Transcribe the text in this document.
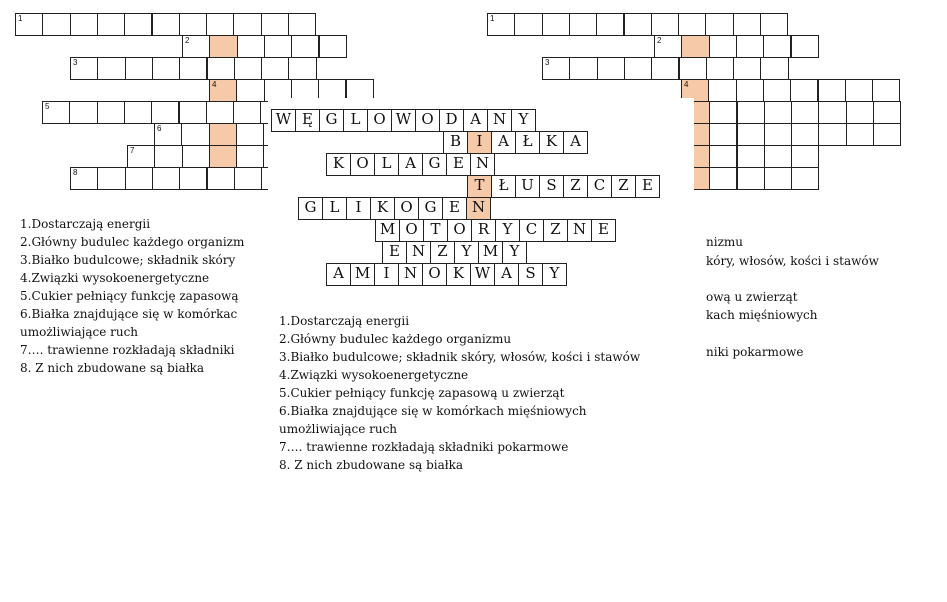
1
2
3
4
5
6
7
8
1
2
3
4
1.Dostarczają energii
2.Główny budulec każdego organizm
3.Białko budulcowe; składnik skóry
4.Związki wysokoenergetyczne
5.Cukier pełniący funkcję zapasową
6.Białka znajdujące się w komórkac
umożliwiające ruch
7…. trawienne rozkładają składniki
8. Z nich zbudowane są białka
nizmu
kóry, włosów, kości i stawów
ową u zwierząt
kach mięśniowych
niki pokarmowe
W Ę G L O W O D A N Y
B	I	A Ł K A
K O L A G E N
T Ł U S Z C Z E
G L	I	K O G E N
M O T O R Y C Z N E
E N Z Y M Y
A M I N O K W A S Y
1.Dostarczają energii
2.Główny budulec każdego organizmu
3.Białko budulcowe; składnik skóry, włosów, kości i stawów
4.Związki wysokoenergetyczne
5.Cukier pełniący funkcję zapasową u zwierząt
6.Białka znajdujące się w komórkach mięśniowych
umożliwiające ruch
7…. trawienne rozkładają składniki pokarmowe
8. Z nich zbudowane są białka
